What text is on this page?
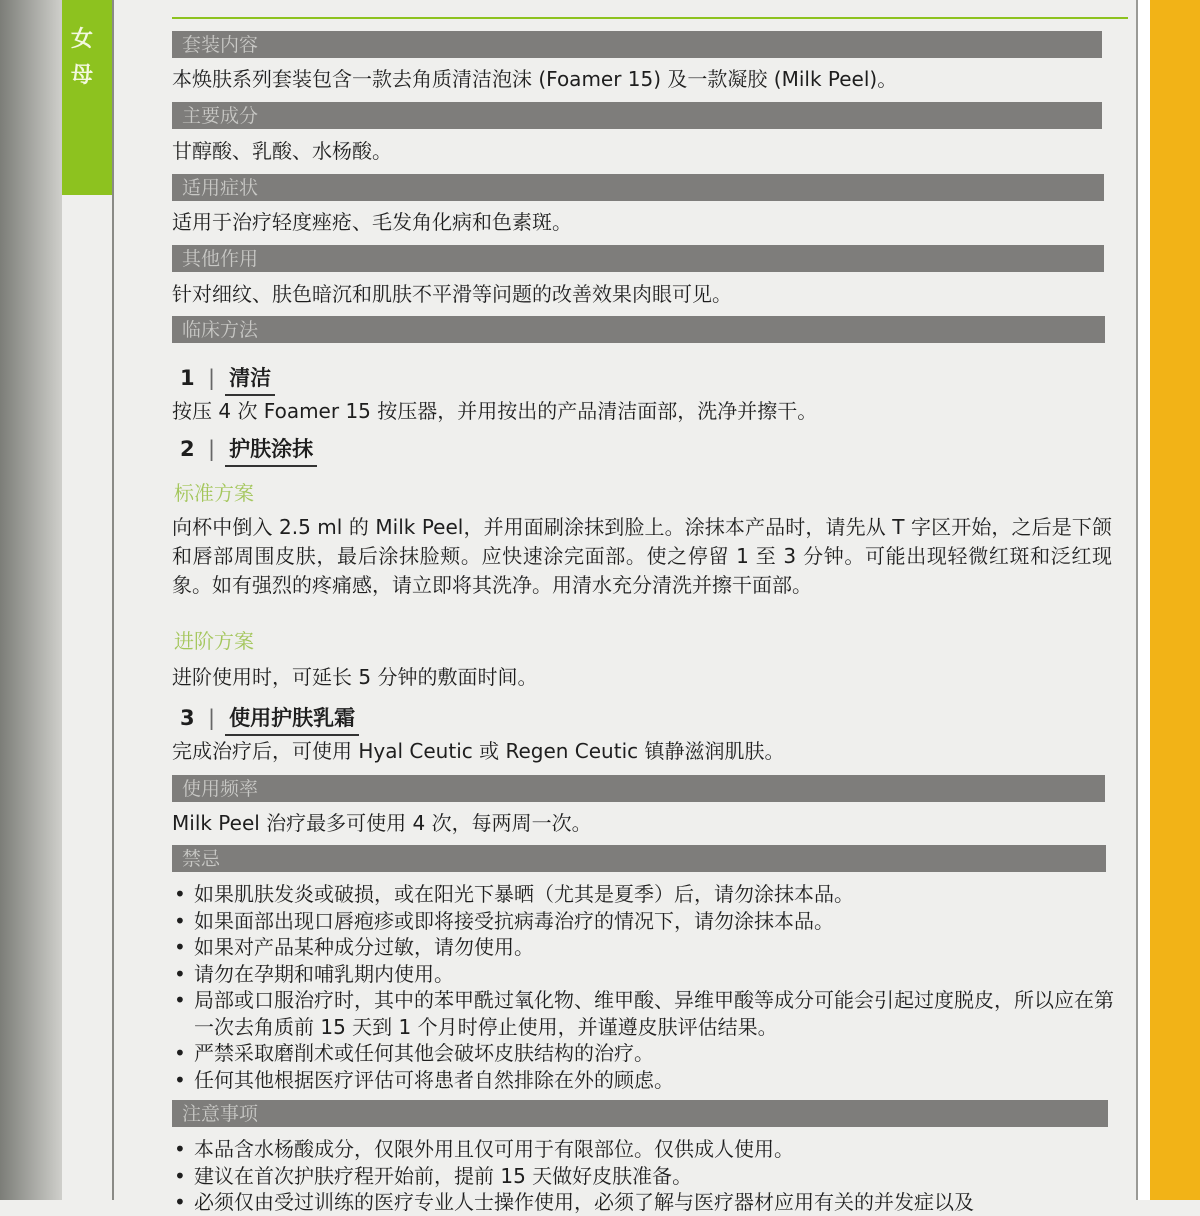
女母
套装内容
本焕肤系列套装包含一款去角质清洁泡沫 (Foamer 15) 及一款凝胶 (Milk Peel)。
主要成分
甘醇酸、乳酸、水杨酸。
适用症状
适用于治疗轻度痤疮、毛发角化病和色素斑。
其他作用
针对细纹、肤色暗沉和肌肤不平滑等问题的改善效果肉眼可见。
临床方法
1 | 清洁
按压 4 次 Foamer 15 按压器，并用按出的产品清洁面部，洗净并擦干。
2 | 护肤涂抹
标准方案
向杯中倒入 2.5 ml 的 Milk Peel，并用面刷涂抹到脸上。涂抹本产品时，请先从 T 字区开始，之后是下颌和唇部周围皮肤，最后涂抹脸颊。应快速涂完面部。使之停留 1 至 3 分钟。可能出现轻微红斑和泛红现象。如有强烈的疼痛感，请立即将其洗净。用清水充分清洗并擦干面部。
进阶方案
进阶使用时，可延长 5 分钟的敷面时间。
3 | 使用护肤乳霜
完成治疗后，可使用 Hyal Ceutic 或 Regen Ceutic 镇静滋润肌肤。
使用频率
Milk Peel 治疗最多可使用 4 次，每两周一次。
禁忌
• 如果肌肤发炎或破损，或在阳光下暴晒（尤其是夏季）后，请勿涂抹本品。
• 如果面部出现口唇疱疹或即将接受抗病毒治疗的情况下，请勿涂抹本品。
• 如果对产品某种成分过敏，请勿使用。
• 请勿在孕期和哺乳期内使用。
• 局部或口服治疗时，其中的苯甲酰过氧化物、维甲酸、异维甲酸等成分可能会引起过度脱皮，所以应在第一次去角质前 15 天到 1 个月时停止使用，并谨遵皮肤评估结果。
• 严禁采取磨削术或任何其他会破坏皮肤结构的治疗。
• 任何其他根据医疗评估可将患者自然排除在外的顾虑。
注意事项
• 本品含水杨酸成分，仅限外用且仅可用于有限部位。仅供成人使用。
• 建议在首次护肤疗程开始前，提前 15 天做好皮肤准备。
• 必须仅由受过训练的医疗专业人士操作使用，必须了解与医疗器材应用有关的并发症以及
